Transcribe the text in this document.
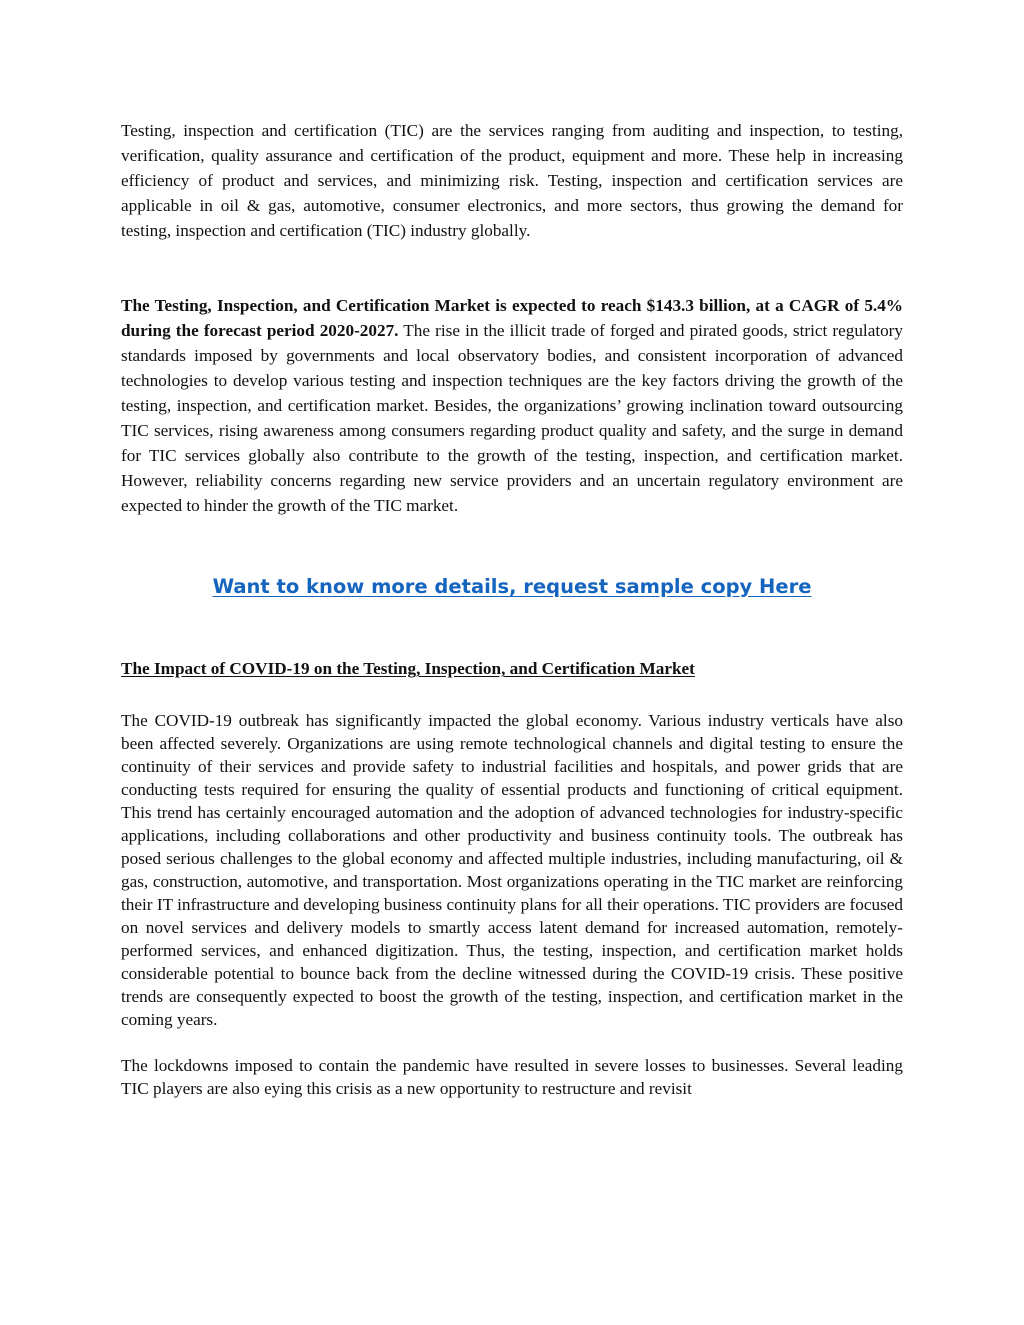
Testing, inspection and certification (TIC) are the services ranging from auditing and inspection, to testing, verification, quality assurance and certification of the product, equipment and more. These help in increasing efficiency of product and services, and minimizing risk. Testing, inspection and certification services are applicable in oil & gas, automotive, consumer electronics, and more sectors, thus growing the demand for testing, inspection and certification (TIC) industry globally.

The Testing, Inspection, and Certification Market is expected to reach $143.3 billion, at a CAGR of 5.4% during the forecast period 2020-2027. The rise in the illicit trade of forged and pirated goods, strict regulatory standards imposed by governments and local observatory bodies, and consistent incorporation of advanced technologies to develop various testing and inspection techniques are the key factors driving the growth of the testing, inspection, and certification market. Besides, the organizations’ growing inclination toward outsourcing TIC services, rising awareness among consumers regarding product quality and safety, and the surge in demand for TIC services globally also contribute to the growth of the testing, inspection, and certification market. However, reliability concerns regarding new service providers and an uncertain regulatory environment are expected to hinder the growth of the TIC market.

Want to know more details, request sample copy Here
The Impact of COVID-19 on the Testing, Inspection, and Certification Market

The COVID-19 outbreak has significantly impacted the global economy. Various industry verticals have also been affected severely. Organizations are using remote technological channels and digital testing to ensure the continuity of their services and provide safety to industrial facilities and hospitals, and power grids that are conducting tests required for ensuring the quality of essential products and functioning of critical equipment. This trend has certainly encouraged automation and the adoption of advanced technologies for industry-specific applications, including collaborations and other productivity and business continuity tools. The outbreak has posed serious challenges to the global economy and affected multiple industries, including manufacturing, oil & gas, construction, automotive, and transportation. Most organizations operating in the TIC market are reinforcing their IT infrastructure and developing business continuity plans for all their operations. TIC providers are focused on novel services and delivery models to smartly access latent demand for increased automation, remotely-performed services, and enhanced digitization. Thus, the testing, inspection, and certification market holds considerable potential to bounce back from the decline witnessed during the COVID-19 crisis. These positive trends are consequently expected to boost the growth of the testing, inspection, and certification market in the coming years.

The lockdowns imposed to contain the pandemic have resulted in severe losses to businesses. Several leading TIC players are also eying this crisis as a new opportunity to restructure and revisit
